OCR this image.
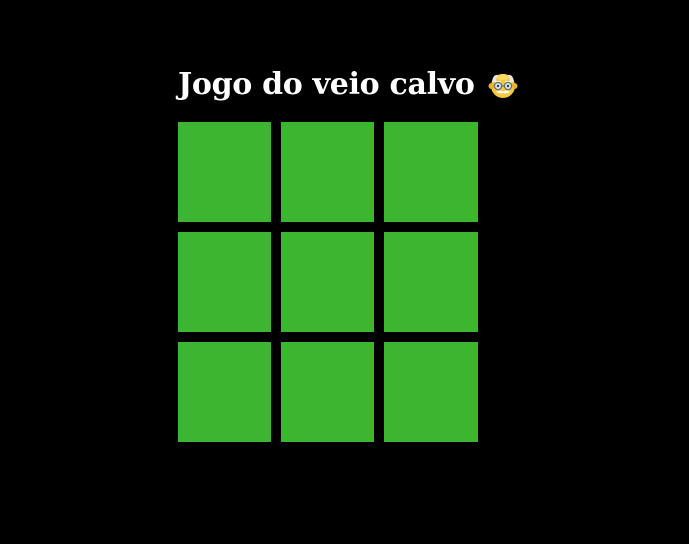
Jogo do veio calvo
